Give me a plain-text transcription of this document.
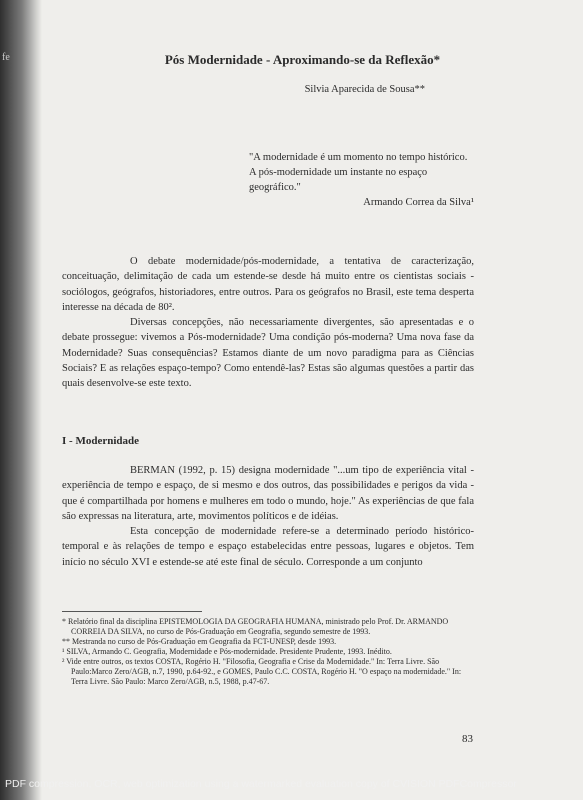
fe	Pós Modernidade - Aproximando-se da Reflexão*
Silvia Aparecida de Sousa**
"A modernidade é um momento no tempo histórico. A pós-modernidade um instante no espaço geográfico."
Armando Correa da Silva¹

O debate modernidade/pós-modernidade, a tentativa de caracterização, conceituação, delimitação de cada um estende-se desde há muito entre os cientistas sociais - sociólogos, geógrafos, historiadores, entre outros. Para os geógrafos no Brasil, este tema desperta interesse na década de 80².

Diversas concepções, não necessariamente divergentes, são apresentadas e o debate prossegue: vivemos a Pós-modernidade? Uma condição pós-moderna? Uma nova fase da Modernidade? Suas consequências? Estamos diante de um novo paradigma para as Ciências Sociais? E as relações espaço-tempo? Como entendê-las? Estas são algumas questões a partir das quais desenvolve-se este texto.

I - Modernidade

BERMAN (1992, p. 15) designa modernidade "...um tipo de experiência vital - experiência de tempo e espaço, de si mesmo e dos outros, das possibilidades e perigos da vida - que é compartilhada por homens e mulheres em todo o mundo, hoje." As experiências de que fala são expressas na literatura, arte, movimentos políticos e de idéias.

Esta concepção de modernidade refere-se a determinado período histórico-temporal e às relações de tempo e espaço estabelecidas entre pessoas, lugares e objetos. Tem início no século XVI e estende-se até este final de século. Corresponde a um conjunto

* Relatório final da disciplina EPISTEMOLOGIA DA GEOGRAFIA HUMANA, ministrado pelo Prof. Dr. ARMANDO CORREIA DA SILVA, no curso de Pós-Graduação em Geografia, segundo semestre de 1993.

** Mestranda no curso de Pós-Graduação em Geografia da FCT-UNESP, desde 1993.

¹ SILVA, Armando C. Geografia, Modernidade e Pós-modernidade. Presidente Prudente, 1993. Inédito.

² Vide entre outros, os textos COSTA, Rogério H. "Filosofia, Geografia e Crise da Modernidade." In: Terra Livre. São Paulo:Marco Zero/AGB, n.7, 1990, p.64-92., e GOMES, Paulo C.C. COSTA, Rogério H. "O espaço na modernidade." In: Terra Livre. São Paulo: Marco Zero/AGB, n.5, 1988, p.47-67.

83
PDF compression, OCR, web optimization using a watermarked evaluation copy of CVISION PDFCompressor
